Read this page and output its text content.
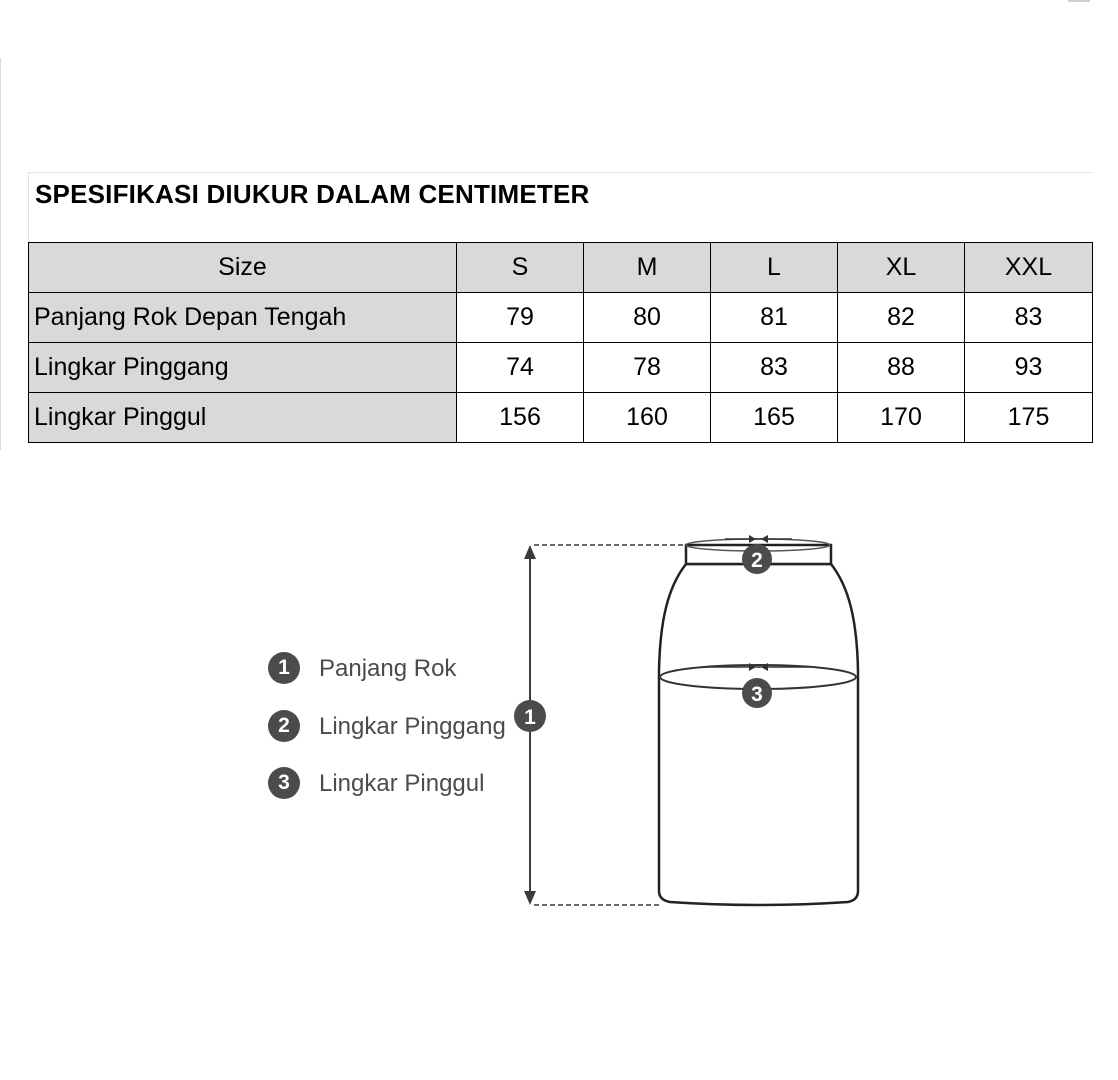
SPESIFIKASI DIUKUR DALAM CENTIMETER
Size	S	M	L	XL	XXL
Panjang Rok Depan Tengah	79	80	81	82	83
Lingkar Pinggang	74	78	83	88	93
Lingkar Pinggul	156	160	165	170	175
1	Panjang Rok
2	Lingkar Pinggang
3	Lingkar Pinggul
2
3
1
